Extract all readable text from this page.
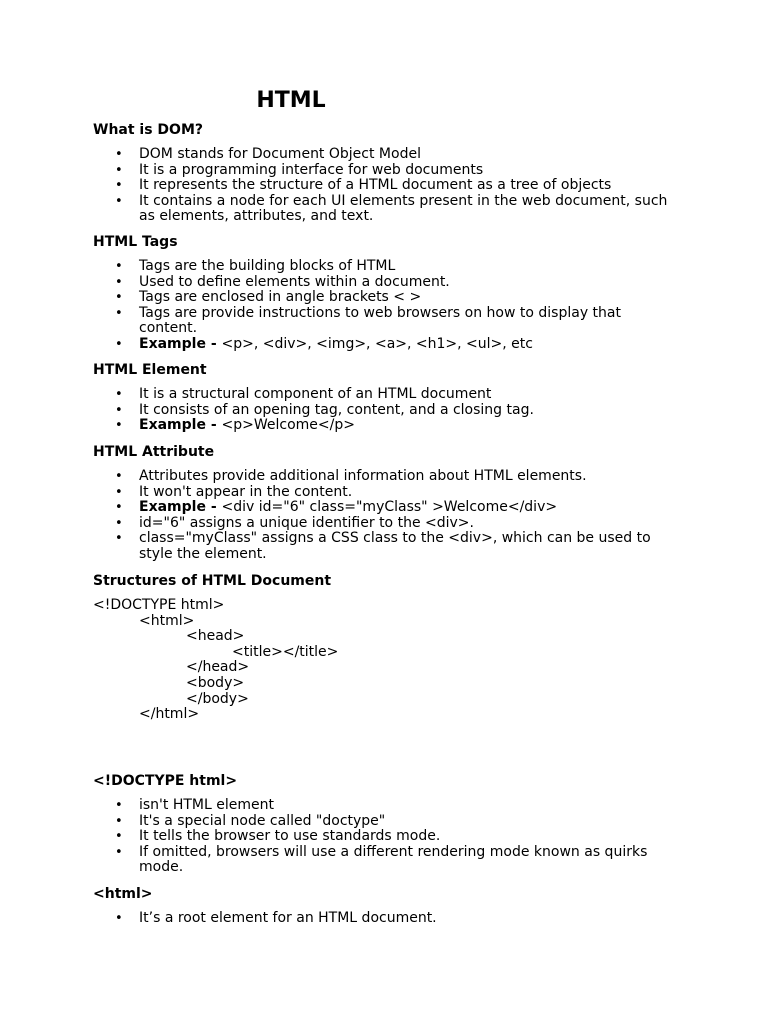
HTML

What is DOM?

• DOM stands for Document Object Model
• It is a programming interface for web documents
• It represents the structure of a HTML document as a tree of objects
• It contains a node for each UI elements present in the web document, such as elements, attributes, and text.

HTML Tags

• Tags are the building blocks of HTML
• Used to define elements within a document.
• Tags are enclosed in angle brackets < >
• Tags are provide instructions to web browsers on how to display that content.
• Example - <p>, <div>, <img>, <a>, <h1>, <ul>, etc

HTML Element

• It is a structural component of an HTML document
• It consists of an opening tag, content, and a closing tag.
• Example - <p>Welcome</p>

HTML Attribute

• Attributes provide additional information about HTML elements.
• It won't appear in the content.
• Example - <div id="6" class="myClass" >Welcome</div>
• id="6" assigns a unique identifier to the <div>.
• class="myClass" assigns a CSS class to the <div>, which can be used to style the element.

Structures of HTML Document

<!DOCTYPE html>

<html>

<head>

<title></title>

</head>

<body>

</body>

</html>

<!DOCTYPE html>

• isn't HTML element
• It's a special node called "doctype"
• It tells the browser to use standards mode.
• If omitted, browsers will use a different rendering mode known as quirks mode.

<html>

• It’s a root element for an HTML document.
